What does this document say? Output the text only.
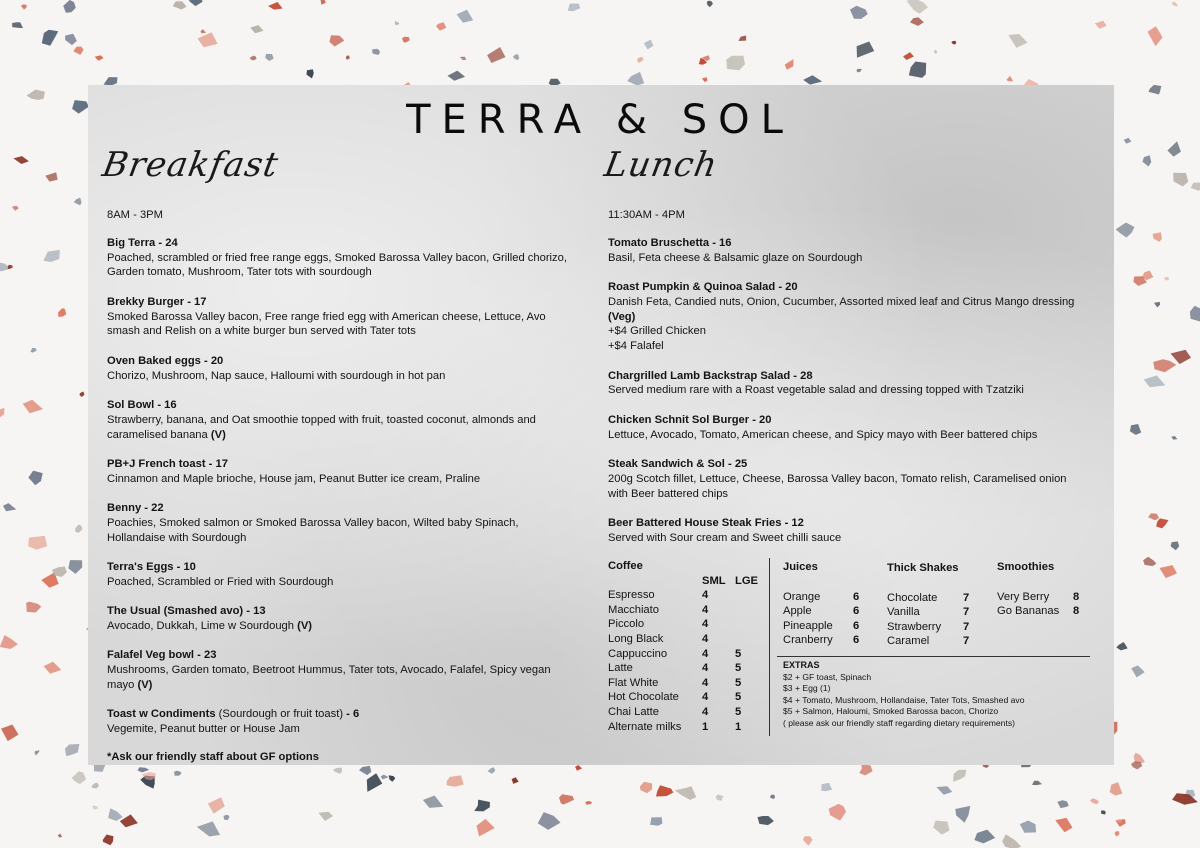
TERRA & SOL
Breakfast	Lunch
8AM - 3PM
Big Terra - 24
Poached, scrambled or fried free range eggs, Smoked Barossa Valley bacon, Grilled chorizo, Garden tomato, Mushroom, Tater tots with sourdough
Brekky Burger - 17
Smoked Barossa Valley bacon, Free range fried egg with American cheese, Lettuce, Avo smash and Relish on a white burger bun served with Tater tots
Oven Baked eggs - 20
Chorizo, Mushroom, Nap sauce, Halloumi with sourdough in hot pan
Sol Bowl - 16
Strawberry, banana, and Oat smoothie topped with fruit, toasted coconut, almonds and caramelised banana (V)
PB+J French toast - 17
Cinnamon and Maple brioche, House jam, Peanut Butter ice cream, Praline
Benny - 22
Poachies, Smoked salmon or Smoked Barossa Valley bacon, Wilted baby Spinach, Hollandaise with Sourdough
Terra's Eggs - 10
Poached, Scrambled or Fried with Sourdough
The Usual (Smashed avo) - 13
Avocado, Dukkah, Lime w Sourdough (V)
Falafel Veg bowl - 23
Mushrooms, Garden tomato, Beetroot Hummus, Tater tots, Avocado, Falafel, Spicy vegan mayo (V)
Toast w Condiments (Sourdough or fruit toast) - 6
Vegemite, Peanut butter or House Jam
*Ask our friendly staff about GF options
11:30AM - 4PM
Tomato Bruschetta - 16
Basil, Feta cheese & Balsamic glaze on Sourdough
Roast Pumpkin & Quinoa Salad - 20
Danish Feta, Candied nuts, Onion, Cucumber, Assorted mixed leaf and Citrus Mango dressing (Veg)
+$4 Grilled Chicken
+$4 Falafel
Chargrilled Lamb Backstrap Salad - 28
Served medium rare with a Roast vegetable salad and dressing topped with Tzatziki
Chicken Schnit Sol Burger - 20
Lettuce, Avocado, Tomato, American cheese, and Spicy mayo with Beer battered chips
Steak Sandwich & Sol - 25
200g Scotch fillet, Lettuce, Cheese, Barossa Valley bacon, Tomato relish, Caramelised onion with Beer battered chips
Beer Battered House Steak Fries - 12
Served with Sour cream and Sweet chilli sauce
Coffee
	SML	LGE
Espresso	4	
Macchiato	4	
Piccolo	4	
Long Black	4	
Cappuccino	4	5
Latte	4	5
Flat White	4	5
Hot Chocolate	4	5
Chai Latte	4	5
Alternate milks	1	1
Juices
Orange	6
Apple	6
Pineapple	6
Cranberry	6
Thick Shakes
Chocolate	7
Vanilla	7
Strawberry	7
Caramel	7
Smoothies
Very Berry	8
Go Bananas	8
EXTRAS
$2 + GF toast, Spinach
$3 + Egg (1)
$4 + Tomato, Mushroom, Hollandaise, Tater Tots, Smashed avo
$5 + Salmon, Haloumi, Smoked Barossa bacon, Chorizo
( please ask our friendly staff regarding dietary requirements)
